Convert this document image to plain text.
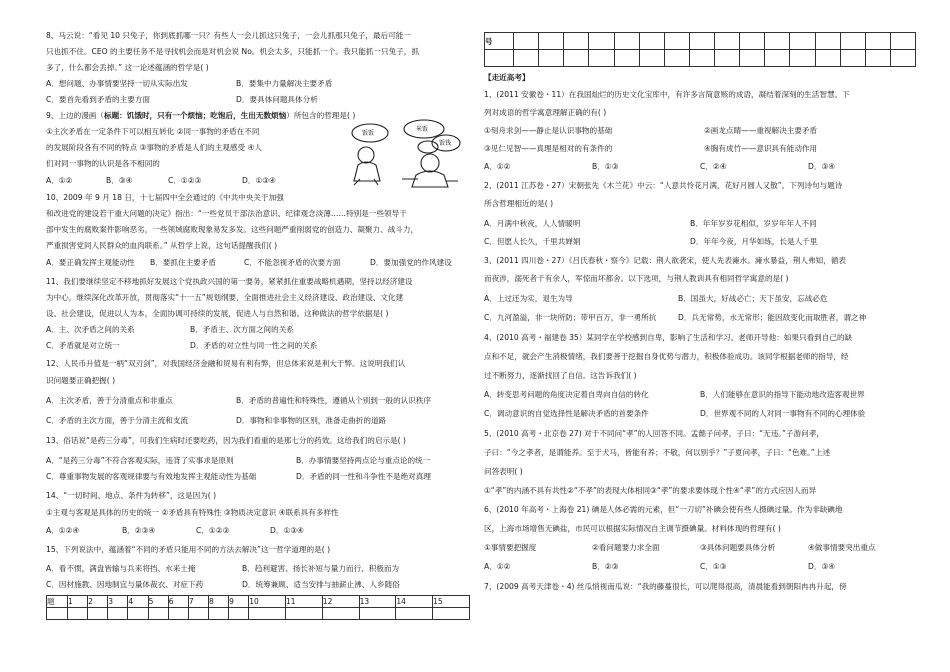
8、马云说：“看见 10 只兔子，你到底抓哪一只？有些人一会儿抓这只兔子，一会儿抓那只兔子，最后可能一
只也抓不住。CEO 的主要任务不是寻找机会而是对机会说 No。机会太多，只能抓一个。我只能抓一只兔子，抓
多了，什么都会丢掉。” 这一论述蕴涵的哲学是( )
A．想问题、办事情要坚持一切从实际出发	B．要集中力量解决主要矛盾
C．要首先看到矛盾的主要方面	D．要具体问题具体分析
9、上边的漫画（标题：饥饿时，只有一个烦恼；吃饱后，生出无数烦恼）所包含的哲理是( )
①主次矛盾在一定条件下可以相互转化 ②同一事物的矛盾在不同
的发展阶段各有不同的特点 ③事物的矛盾是人们的主观感受 ④人
们对同一事物的认识是各不相同的
A．①②	B．③④	C．①②③	D．①③④
饭饭
米饭
饭钱
10、2009 年 9 月 18 日，十七届四中全会通过的《中共中央关于加强
和改进党的建设若干重大问题的决定》指出：“一些党员干部法治意识、纪律观念淡薄……特别是一些领导干
部中发生的腐败案件影响恶劣，一些领域腐败现象易发多发。这些问题严重削弱党的创造力、凝聚力、战斗力，
严重损害党同人民群众的血肉联系。” 从哲学上说，这句话提醒我们( )
A．要正确发挥主观能动性 B．要抓住主要矛盾	C．不能忽视矛盾的次要方面	D．要加强党的作风建设
11、我们要继续坚定不移地抓好发展这个党执政兴国的第一要务，紧紧抓住重要战略机遇期，坚持以经济建设
为中心，继续深化改革开放，贯彻落实“十一五”规划纲要，全面推进社会主义经济建设、政治建设、文化建
设、社会建设，促进以人为本，全面协调可持续的发展，促进人与自然和谐。这种做法的哲学依据是( )
A．主、次矛盾之间的关系	B．矛盾主、次方面之间的关系
C．矛盾就是对立统一	D．矛盾的对立性与同一性之间的关系
12、人民币升值是一柄“双刃剑”，对我国经济金融和贸易有利有弊，但总体来说是利大于弊。这说明我们认
识问题要正确把握( )
A．主次矛盾，善于分清重点和非重点	B．矛盾的普遍性和特殊性，遵循从个别到一般的认识秩序
C．矛盾的主次方面，善于分清主流和支流	D．事物和非事物的区别，准备走曲折的道路
13、俗话说“是药三分毒”，可我们生病时还要吃药，因为我们看重的是那七分的药效。这给我们的启示是( )
A．“是药三分毒”不符合客观实际，违背了实事求是原则	B．办事情要坚持两点论与重点论的统一
C．尊重事物发展的客观规律要与有效地发挥主观能动性为基础	D．矛盾的同一性和斗争性不是绝对真理
14、“一切时间、地点、条件为转移”，这是因为( )
①主观与客观是具体的历史的统一 ②矛盾具有特殊性 ③物质决定意识 ④联系具有多样性
A．①②④	B．②③④	C．①②③	D．①③④
15、下列说法中，蕴涵着“不同的矛盾只能用不同的方法去解决”这一哲学道理的是( )
A．看不惯，满盘皆输与兵来将挡、水来土掩	B．趋利避害、扬长补短与量力而行、积极而为
C．因材施教、因地制宜与量体裁衣、对症下药	D．统筹兼顾、适当安排与抽薪止沸、人乡随俗
题	1	2	3	4	5	6	7	8	9	10	11	12	13	14	15

号																

【走近高考】
1、(2011 安徽卷・11）在我国灿烂的历史文化宝库中，有许多言简意赅的成语，凝结着深刻的生活智慧。下
列对成语的哲学寓意理解正确的有( )
①刻舟求剑——静止是认识事物的基础	②画龙点睛——重视解决主要矛盾
③见仁见智——真理是相对的有条件的	④胸有成竹——意识具有能动作用
A．①②	B．①③	C．②④	D．③④
2、(2011 江苏卷・27）宋朝张先《木兰花》中云：“人意共怜花月满，花好月圆人又散”。下列诗句与题诗
所含哲理相近的是( )
A．月满中秋夜，人人情暖明	B．年年岁岁花相似，岁岁年年人不同
C．但愿人长久，千里共婵娟	D．年年今夜，月华如练，长是人千里
3、(2011 四川卷・27）《吕氏春秋・察今》记载：荆人欲袭宋，使人先表澭水。澭水暴益，荆人弗知，循表
而夜涉，溺死者千有余人，军惊而坏都舍。以下选项，与荆人教训具有相同哲学寓意的是( )
A．上过还为实，退生为导	B．国虽大，好战必亡；天下虽安，忘战必危
C．九河盈溢，非一块所防；带甲百万，非一勇所抗	D．兵无常势，水无常形；能因敌变化而取胜者，谓之神
4、(2010 高考・福建卷 35）某同学在学校感到自卑，影响了生活和学习。老师开导他：如果只看到自己的缺
点和不足，就会产生消极情绪，我们要善于挖掘自身优势与潜力，积极体验成功。该同学根据老师的指导，经
过不断努力，逐渐找回了自信。这告诉我们( )
A．转变思考问题的角度决定着自卑向自信的转化	B．人们能够在意识的指导下能动地改造客观世界
C．调动意识的自觉选择性是解决矛盾的首要条件	D．世界观不同的人对同一事物有不同的心理体验
5、(2010 高考・北京卷 27) 对于不同问“孝”的人回答不同。孟懿子问孝，子曰：“无违。”子游问孝，
子曰：“今之孝者，是谓能养。至于犬马，皆能有养；不敬，何以别乎？”子夏问孝，子曰：“色难。”上述
问答表明( )
①“孝”的内涵不具有共性②“不孝”的表现大体相同③“孝”的要求要体现个性④“孝”的方式应因人而异
6、(2010 年高考・上海卷 21) 碘是人体必需的元素，但“一刀切”补碘会使有些人摄碘过量。作为非缺碘地
区，上海市场增售无碘盐，市民可以根据实际情况自主调节摄碘量。材料体现的哲理有( )
①事情要把握度	②看问题要力求全面	③具体问题要具体分析	④做事情要突出重点
A．①②	B．②③	C．①③	D．③④
7、(2009 高考天津卷・4) 丝瓜悄视南瓜说：“我的藤蔓很长，可以爬得很高，清晨能看到朝阳冉冉升起，傍
